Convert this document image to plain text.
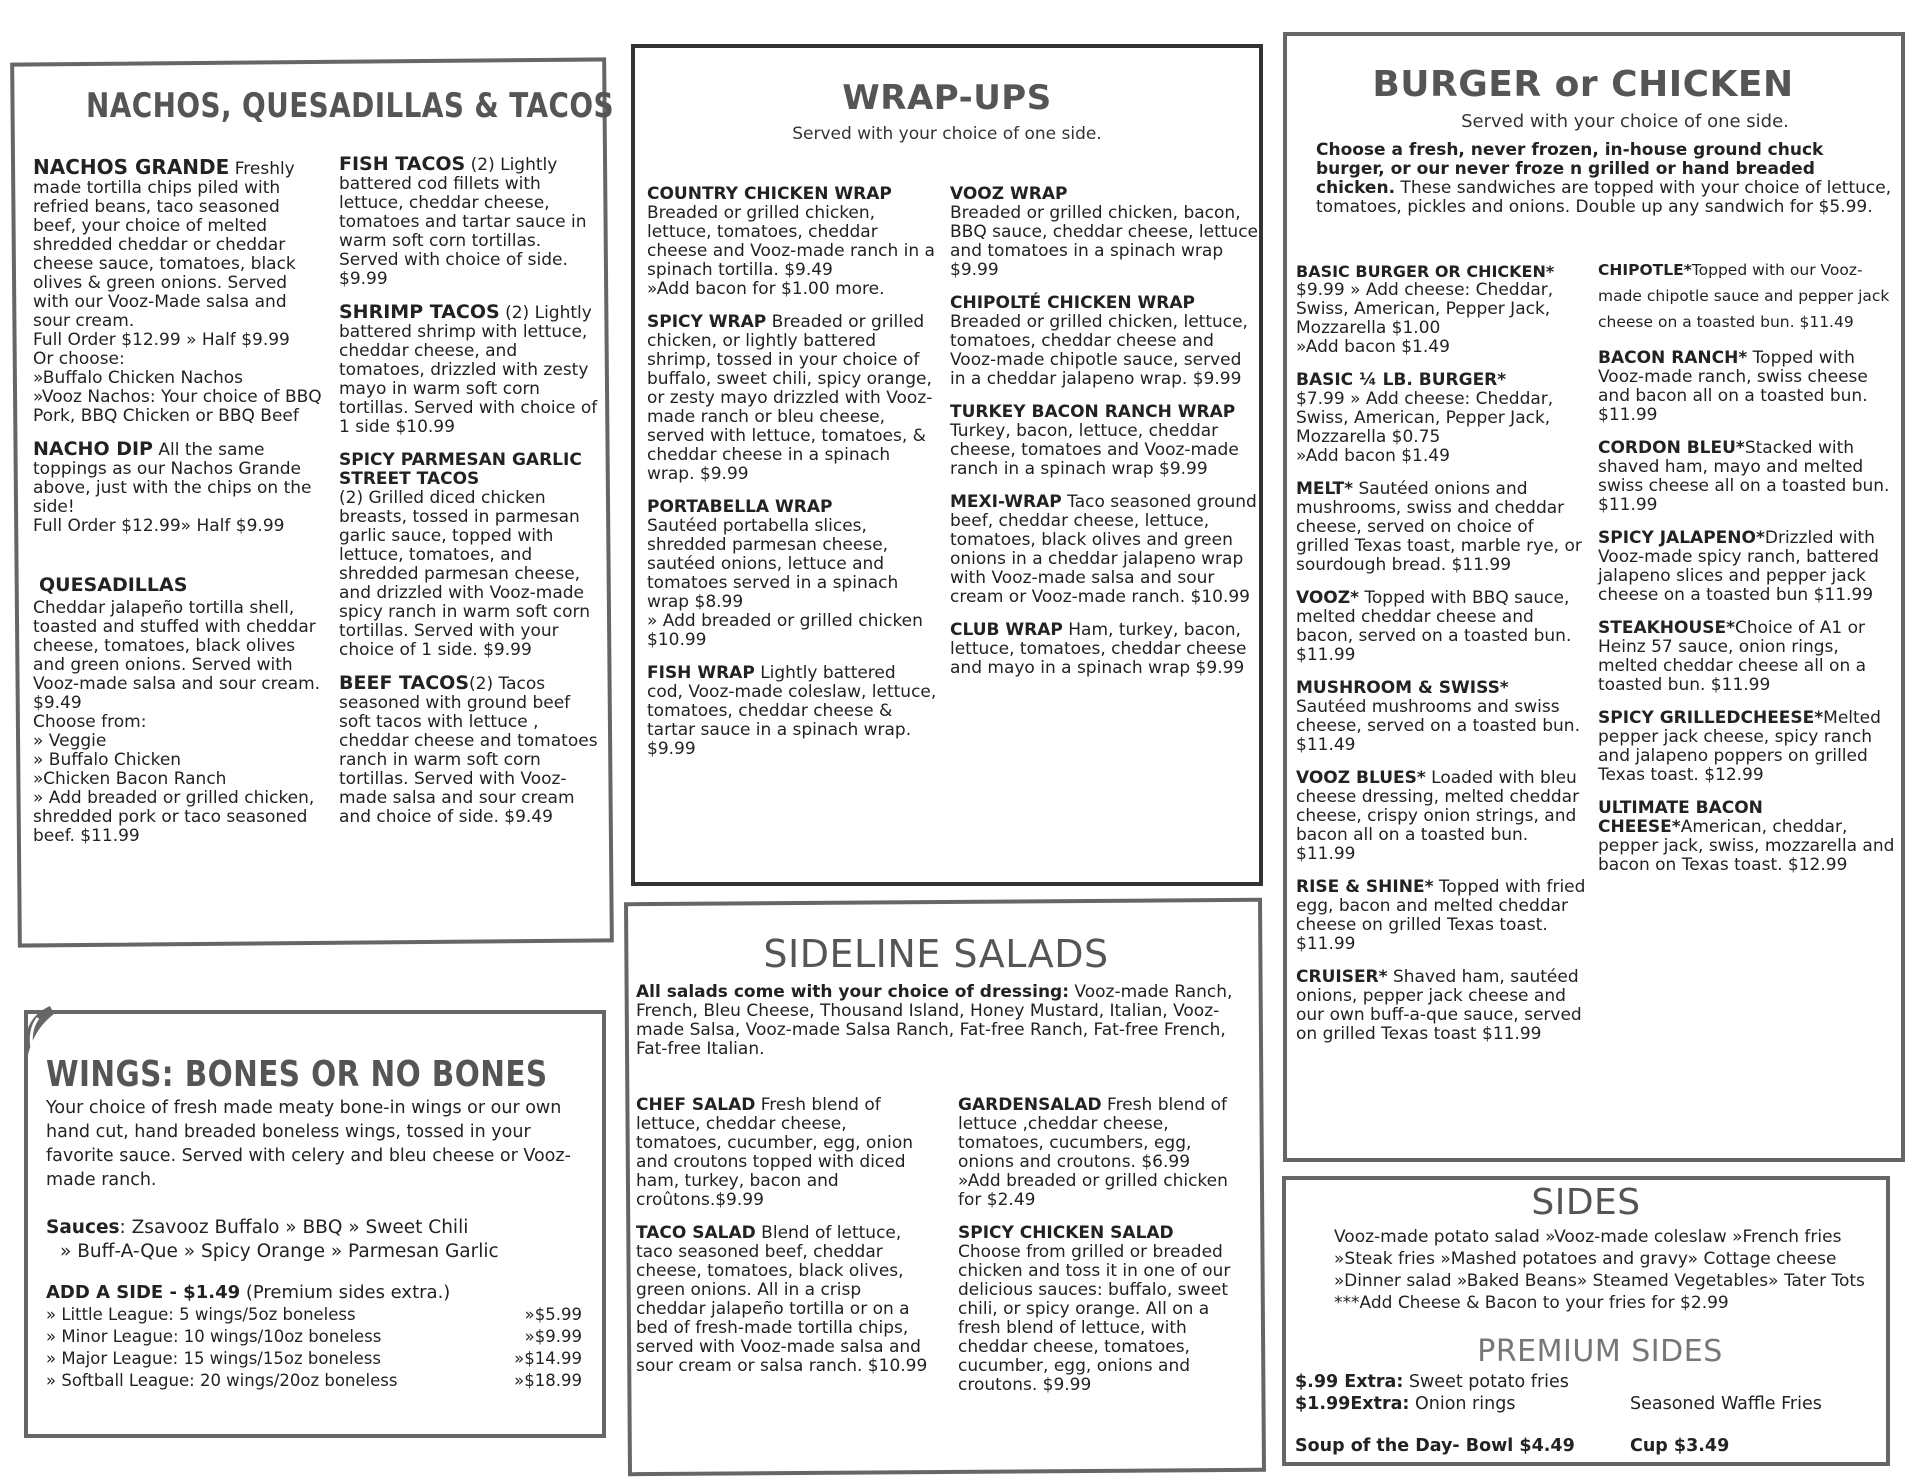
NACHOS, QUESADILLAS & TACOS
NACHOS GRANDE Freshly made tortilla chips piled with refried beans, taco seasoned beef, your choice of melted shredded cheddar or cheddar cheese sauce, tomatoes, black olives & green onions. Served with our Vooz-Made salsa and sour cream.
Full Order $12.99 » Half $9.99
Or choose:
»Buffalo Chicken Nachos
»Vooz Nachos: Your choice of BBQ Pork, BBQ Chicken or BBQ Beef
NACHO DIP All the same toppings as our Nachos Grande above, just with the chips on the side!
Full Order $12.99» Half $9.99
QUESADILLAS
Cheddar jalapeño tortilla shell, toasted and stuffed with cheddar cheese, tomatoes, black olives and green onions. Served with Vooz-made salsa and sour cream. $9.49
Choose from:
» Veggie
» Buffalo Chicken
»Chicken Bacon Ranch
» Add breaded or grilled chicken, shredded pork or taco seasoned beef. $11.99
FISH TACOS (2) Lightly battered cod fillets with lettuce, cheddar cheese, tomatoes and tartar sauce in warm soft corn tortillas. Served with choice of side. $9.99
SHRIMP TACOS (2) Lightly battered shrimp with lettuce, cheddar cheese, and tomatoes, drizzled with zesty mayo in warm soft corn tortillas. Served with choice of 1 side $10.99
SPICY PARMESAN GARLIC STREET TACOS
(2) Grilled diced chicken breasts, tossed in parmesan garlic sauce, topped with lettuce, tomatoes, and shredded parmesan cheese, and drizzled with Vooz-made spicy ranch in warm soft corn tortillas. Served with your choice of 1 side. $9.99
BEEF TACOS(2) Tacos seasoned with ground beef soft tacos with lettuce , cheddar cheese and tomatoes ranch in warm soft corn tortillas. Served with Vooz-made salsa and sour cream and choice of side. $9.49
WRAP-UPS
Served with your choice of one side.
COUNTRY CHICKEN WRAP
Breaded or grilled chicken, lettuce, tomatoes, cheddar cheese and Vooz-made ranch in a spinach tortilla. $9.49
»Add bacon for $1.00 more.
SPICY WRAP Breaded or grilled chicken, or lightly battered shrimp, tossed in your choice of buffalo, sweet chili, spicy orange, or zesty mayo drizzled with Vooz-made ranch or bleu cheese, served with lettuce, tomatoes, & cheddar cheese in a spinach wrap. $9.99
PORTABELLA WRAP
Sautéed portabella slices, shredded parmesan cheese, sautéed onions, lettuce and tomatoes served in a spinach wrap $8.99
» Add breaded or grilled chicken $10.99
FISH WRAP Lightly battered cod, Vooz-made coleslaw, lettuce, tomatoes, cheddar cheese & tartar sauce in a spinach wrap. $9.99
VOOZ WRAP
Breaded or grilled chicken, bacon, BBQ sauce, cheddar cheese, lettuce and tomatoes in a spinach wrap $9.99
CHIPOLTÉ CHICKEN WRAP
Breaded or grilled chicken, lettuce, tomatoes, cheddar cheese and Vooz-made chipotle sauce, served in a cheddar jalapeno wrap. $9.99
TURKEY BACON RANCH WRAP Turkey, bacon, lettuce, cheddar cheese, tomatoes and Vooz-made ranch in a spinach wrap $9.99
MEXI-WRAP Taco seasoned ground beef, cheddar cheese, lettuce, tomatoes, black olives and green onions in a cheddar jalapeno wrap with Vooz-made salsa and sour cream or Vooz-made ranch. $10.99
CLUB WRAP Ham, turkey, bacon, lettuce, tomatoes, cheddar cheese and mayo in a spinach wrap $9.99
BURGER or CHICKEN
Served with your choice of one side.
Choose a fresh, never frozen, in-house ground chuck burger, or our never froze n grilled or hand breaded chicken. These sandwiches are topped with your choice of lettuce, tomatoes, pickles and onions. Double up any sandwich for $5.99.
BASIC BURGER OR CHICKEN*
$9.99 » Add cheese: Cheddar, Swiss, American, Pepper Jack, Mozzarella $1.00
»Add bacon $1.49
BASIC ¼ LB. BURGER*
$7.99 » Add cheese: Cheddar, Swiss, American, Pepper Jack, Mozzarella $0.75
»Add bacon $1.49
MELT* Sautéed onions and mushrooms, swiss and cheddar cheese, served on choice of grilled Texas toast, marble rye, or sourdough bread. $11.99
VOOZ* Topped with BBQ sauce, melted cheddar cheese and bacon, served on a toasted bun. $11.99
MUSHROOM & SWISS*
Sautéed mushrooms and swiss cheese, served on a toasted bun. $11.49
VOOZ BLUES* Loaded with bleu cheese dressing, melted cheddar cheese, crispy onion strings, and bacon all on a toasted bun. $11.99
RISE & SHINE* Topped with fried egg, bacon and melted cheddar cheese on grilled Texas toast. $11.99
CRUISER* Shaved ham, sautéed onions, pepper jack cheese and our own buff-a-que sauce, served on grilled Texas toast $11.99
CHIPOTLE*Topped with our Vooz-made chipotle sauce and pepper jack cheese on a toasted bun. $11.49
BACON RANCH* Topped with Vooz-made ranch, swiss cheese and bacon all on a toasted bun. $11.99
CORDON BLEU*Stacked with shaved ham, mayo and melted swiss cheese all on a toasted bun. $11.99
SPICY JALAPENO*Drizzled with Vooz-made spicy ranch, battered jalapeno slices and pepper jack cheese on a toasted bun $11.99
STEAKHOUSE*Choice of A1 or Heinz 57 sauce, onion rings, melted cheddar cheese all on a toasted bun. $11.99
SPICY GRILLEDCHEESE*Melted pepper jack cheese, spicy ranch and jalapeno poppers on grilled Texas toast. $12.99
ULTIMATE BACON CHEESE*American, cheddar, pepper jack, swiss, mozzarella and bacon on Texas toast. $12.99
WINGS: BONES OR NO BONES
Your choice of fresh made meaty bone-in wings or our own hand cut, hand breaded boneless wings, tossed in your favorite sauce. Served with celery and bleu cheese or Vooz-made ranch.
Sauces: Zsavooz Buffalo » BBQ » Sweet Chili
» Buff-A-Que » Spicy Orange » Parmesan Garlic
ADD A SIDE - $1.49 (Premium sides extra.)
» Little League: 5 wings/5oz boneless	»$5.99
» Minor League: 10 wings/10oz boneless	»$9.99
» Major League: 15 wings/15oz boneless	»$14.99
» Softball League: 20 wings/20oz boneless	»$18.99
SIDELINE SALADS
All salads come with your choice of dressing: Vooz-made Ranch, French, Bleu Cheese, Thousand Island, Honey Mustard, Italian, Vooz-made Salsa, Vooz-made Salsa Ranch, Fat-free Ranch, Fat-free French, Fat-free Italian.
CHEF SALAD Fresh blend of lettuce, cheddar cheese, tomatoes, cucumber, egg, onion and croutons topped with diced ham, turkey, bacon and croûtons.$9.99
TACO SALAD Blend of lettuce, taco seasoned beef, cheddar cheese, tomatoes, black olives, green onions. All in a crisp cheddar jalapeño tortilla or on a bed of fresh-made tortilla chips, served with Vooz-made salsa and sour cream or salsa ranch. $10.99
GARDENSALAD Fresh blend of lettuce ,cheddar cheese, tomatoes, cucumbers, egg, onions and croutons. $6.99
»Add breaded or grilled chicken for $2.49
SPICY CHICKEN SALAD
Choose from grilled or breaded chicken and toss it in one of our delicious sauces: buffalo, sweet chili, or spicy orange. All on a fresh blend of lettuce, with cheddar cheese, tomatoes, cucumber, egg, onions and croutons. $9.99
SIDES
Vooz-made potato salad »Vooz-made coleslaw »French fries »Steak fries »Mashed potatoes and gravy» Cottage cheese »Dinner salad »Baked Beans» Steamed Vegetables» Tater Tots
***Add Cheese & Bacon to your fries for $2.99
PREMIUM SIDES
$.99 Extra: Sweet potato fries
$1.99Extra: Onion rings	Seasoned Waffle Fries
Soup of the Day- Bowl $4.49	Cup $3.49
